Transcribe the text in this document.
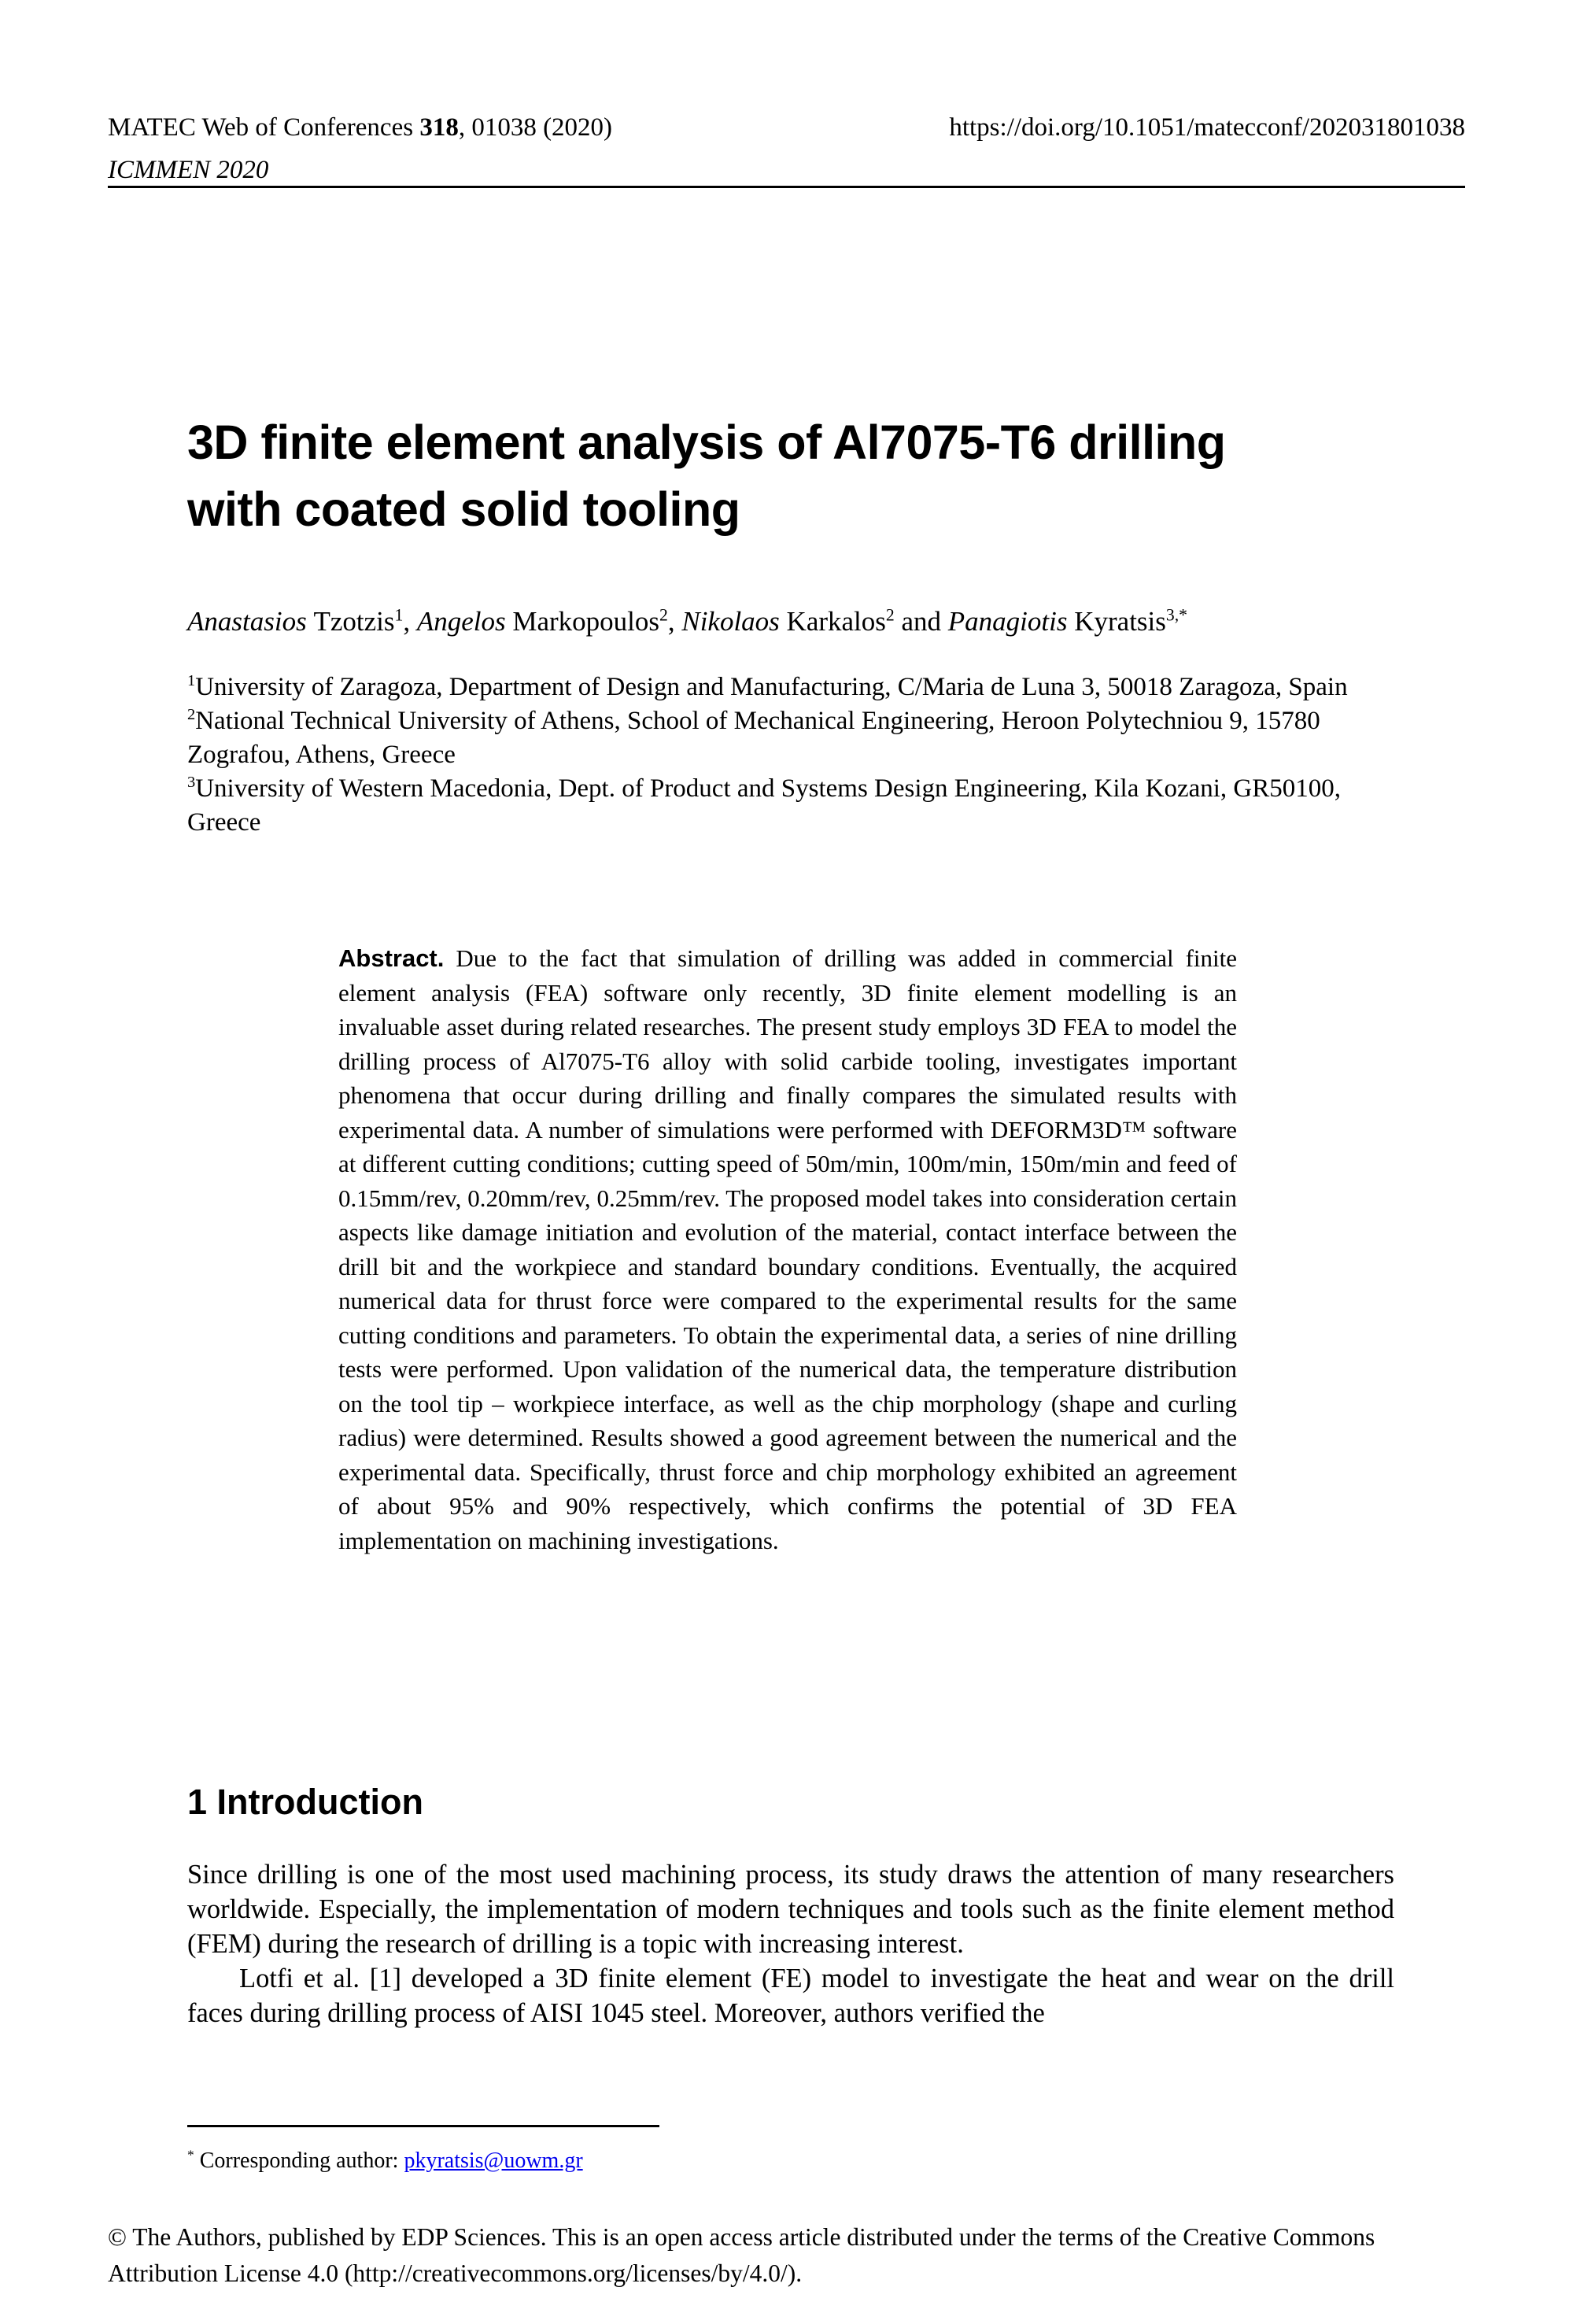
MATEC Web of Conferences 318, 01038 (2020)	https://doi.org/10.1051/matecconf/202031801038
ICMMEN 2020
3D finite element analysis of Al7075-T6 drilling
with coated solid tooling
Anastasios Tzotzis$^1$, Angelos Markopoulos$^2$, Nikolaos Karkalos$^2$ and Panagiotis Kyratsis$^{3,*}$
$^1$University of Zaragoza, Department of Design and Manufacturing, C/Maria de Luna 3, 50018 Zaragoza, Spain
$^2$National Technical University of Athens, School of Mechanical Engineering, Heroon Polytechniou 9, 15780 Zografou, Athens, Greece
$^3$University of Western Macedonia, Dept. of Product and Systems Design Engineering, Kila Kozani, GR50100, Greece
Abstract. Due to the fact that simulation of drilling was added in commercial finite element analysis (FEA) software only recently, 3D finite element modelling is an invaluable asset during related researches. The present study employs 3D FEA to model the drilling process of Al7075-T6 alloy with solid carbide tooling, investigates important phenomena that occur during drilling and finally compares the simulated results with experimental data. A number of simulations were performed with DEFORM3D™ software at different cutting conditions; cutting speed of 50m/min, 100m/min, 150m/min and feed of 0.15mm/rev, 0.20mm/rev, 0.25mm/rev. The proposed model takes into consideration certain aspects like damage initiation and evolution of the material, contact interface between the drill bit and the workpiece and standard boundary conditions. Eventually, the acquired numerical data for thrust force were compared to the experimental results for the same cutting conditions and parameters. To obtain the experimental data, a series of nine drilling tests were performed. Upon validation of the numerical data, the temperature distribution on the tool tip – workpiece interface, as well as the chip morphology (shape and curling radius) were determined. Results showed a good agreement between the numerical and the experimental data. Specifically, thrust force and chip morphology exhibited an agreement of about 95% and 90% respectively, which confirms the potential of 3D FEA implementation on machining investigations.
1 Introduction

Since drilling is one of the most used machining process, its study draws the attention of many researchers worldwide. Especially, the implementation of modern techniques and tools such as the finite element method (FEM) during the research of drilling is a topic with increasing interest.

Lotfi et al. [1] developed a 3D finite element (FE) model to investigate the heat and wear on the drill faces during drilling process of AISI 1045 steel. Moreover, authors verified the

* Corresponding author: pkyratsis@uowm.gr
© The Authors, published by EDP Sciences. This is an open access article distributed under the terms of the Creative Commons
Attribution License 4.0 (http://creativecommons.org/licenses/by/4.0/).
